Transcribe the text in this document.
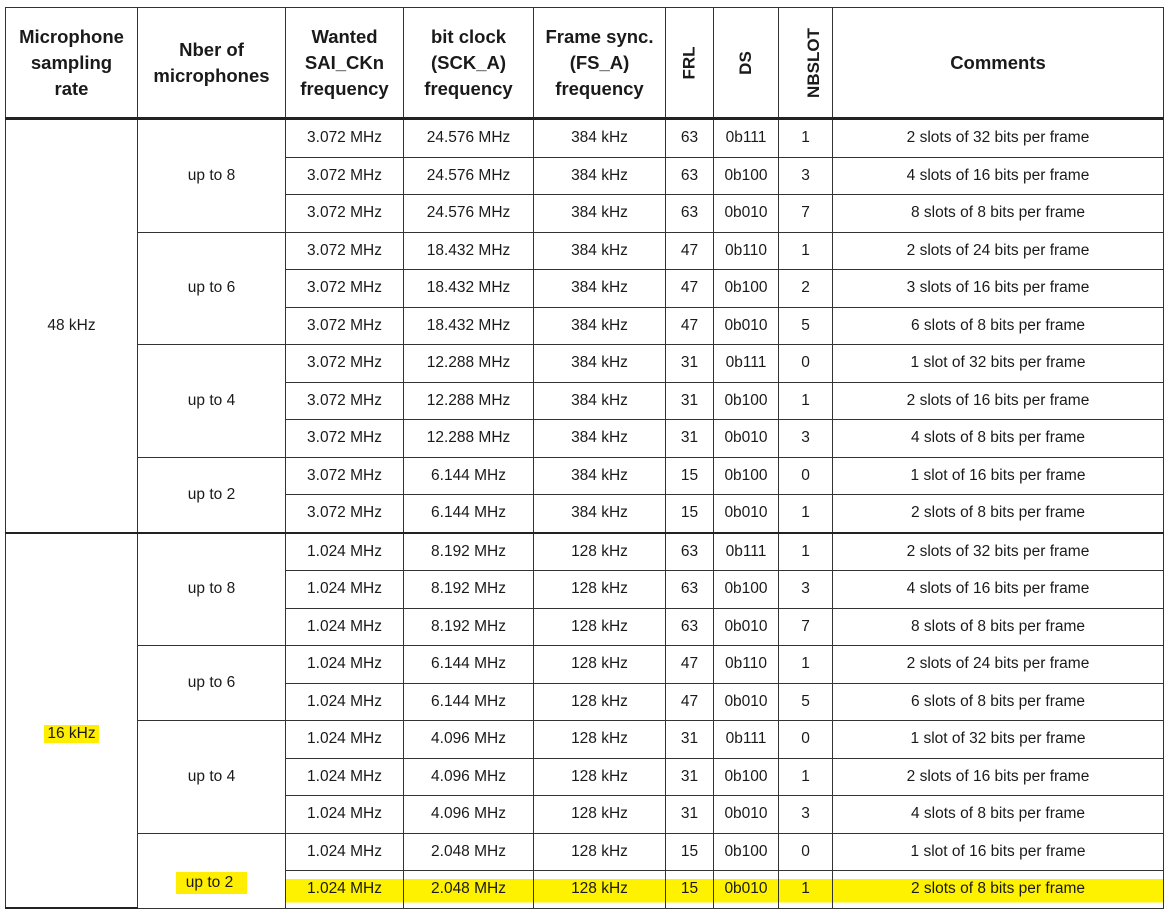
Microphone
sampling
rate	Nber of
microphones	Wanted
SAI_CKn
frequency	bit clock
(SCK_A)
frequency	Frame sync.
(FS_A)
frequency	FRL	DS	NBSLOT	Comments
48 kHz	up to 8	3.072 MHz	24.576 MHz	384 kHz	63	0b111	1	2 slots of 32 bits per frame
		3.072 MHz	24.576 MHz	384 kHz	63	0b100	3	4 slots of 16 bits per frame
		3.072 MHz	24.576 MHz	384 kHz	63	0b010	7	8 slots of 8 bits per frame
	up to 6	3.072 MHz	18.432 MHz	384 kHz	47	0b110	1	2 slots of 24 bits per frame
		3.072 MHz	18.432 MHz	384 kHz	47	0b100	2	3 slots of 16 bits per frame
		3.072 MHz	18.432 MHz	384 kHz	47	0b010	5	6 slots of 8 bits per frame
	up to 4	3.072 MHz	12.288 MHz	384 kHz	31	0b111	0	1 slot of 32 bits per frame
		3.072 MHz	12.288 MHz	384 kHz	31	0b100	1	2 slots of 16 bits per frame
		3.072 MHz	12.288 MHz	384 kHz	31	0b010	3	4 slots of 8 bits per frame
	up to 2	3.072 MHz	6.144 MHz	384 kHz	15	0b100	0	1 slot of 16 bits per frame
		3.072 MHz	6.144 MHz	384 kHz	15	0b010	1	2 slots of 8 bits per frame
16 kHz	up to 8	1.024 MHz	8.192 MHz	128 kHz	63	0b111	1	2 slots of 32 bits per frame
		1.024 MHz	8.192 MHz	128 kHz	63	0b100	3	4 slots of 16 bits per frame
		1.024 MHz	8.192 MHz	128 kHz	63	0b010	7	8 slots of 8 bits per frame
	up to 6	1.024 MHz	6.144 MHz	128 kHz	47	0b110	1	2 slots of 24 bits per frame
		1.024 MHz	6.144 MHz	128 kHz	47	0b010	5	6 slots of 8 bits per frame
	up to 4	1.024 MHz	4.096 MHz	128 kHz	31	0b111	0	1 slot of 32 bits per frame
		1.024 MHz	4.096 MHz	128 kHz	31	0b100	1	2 slots of 16 bits per frame
		1.024 MHz	4.096 MHz	128 kHz	31	0b010	3	4 slots of 8 bits per frame
	up to 2	1.024 MHz	2.048 MHz	128 kHz	15	0b100	0	1 slot of 16 bits per frame
		1.024 MHz	2.048 MHz	128 kHz	15	0b010	1	2 slots of 8 bits per frame
